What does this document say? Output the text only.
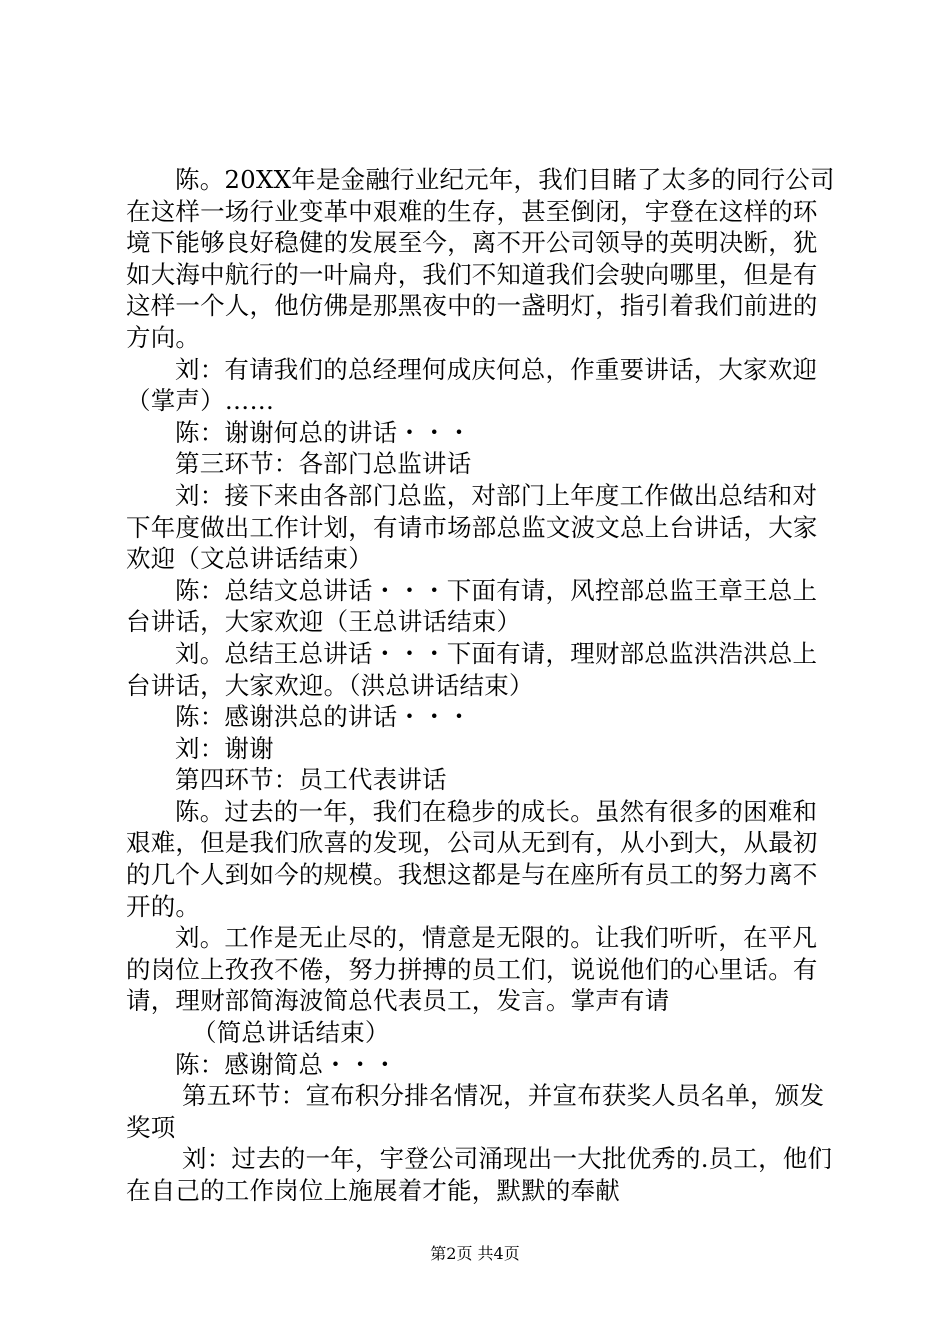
陈。20XX年是金融行业纪元年，我们目睹了太多的同行公司在这样一场行业变革中艰难的生存，甚至倒闭，宇登在这样的环境下能够良好稳健的发展至今，离不开公司领导的英明决断，犹如大海中航行的一叶扁舟，我们不知道我们会驶向哪里，但是有这样一个人，他仿佛是那黑夜中的一盏明灯，指引着我们前进的方向。

刘：有请我们的总经理何成庆何总，作重要讲话，大家欢迎（掌声）……

陈：谢谢何总的讲话・・・

第三环节：各部门总监讲话

刘：接下来由各部门总监，对部门上年度工作做出总结和对下年度做出工作计划，有请市场部总监文波文总上台讲话，大家欢迎（文总讲话结束）

陈：总结文总讲话・・・下面有请，风控部总监王章王总上台讲话，大家欢迎（王总讲话结束）

刘。总结王总讲话・・・下面有请，理财部总监洪浩洪总上台讲话，大家欢迎。（洪总讲话结束）

陈：感谢洪总的讲话・・・

刘：谢谢

第四环节：员工代表讲话

陈。过去的一年，我们在稳步的成长。虽然有很多的困难和艰难，但是我们欣喜的发现，公司从无到有，从小到大，从最初的几个人到如今的规模。我想这都是与在座所有员工的努力离不开的。

刘。工作是无止尽的，情意是无限的。让我们听听，在平凡的岗位上孜孜不倦，努力拼搏的员工们，说说他们的心里话。有请，理财部简海波简总代表员工，发言。掌声有请

（简总讲话结束）

陈：感谢简总・・・

第五环节：宣布积分排名情况，并宣布获奖人员名单，颁发奖项

刘：过去的一年，宇登公司涌现出一大批优秀的.员工，他们在自己的工作岗位上施展着才能，默默的奉献

第2页 共4页
